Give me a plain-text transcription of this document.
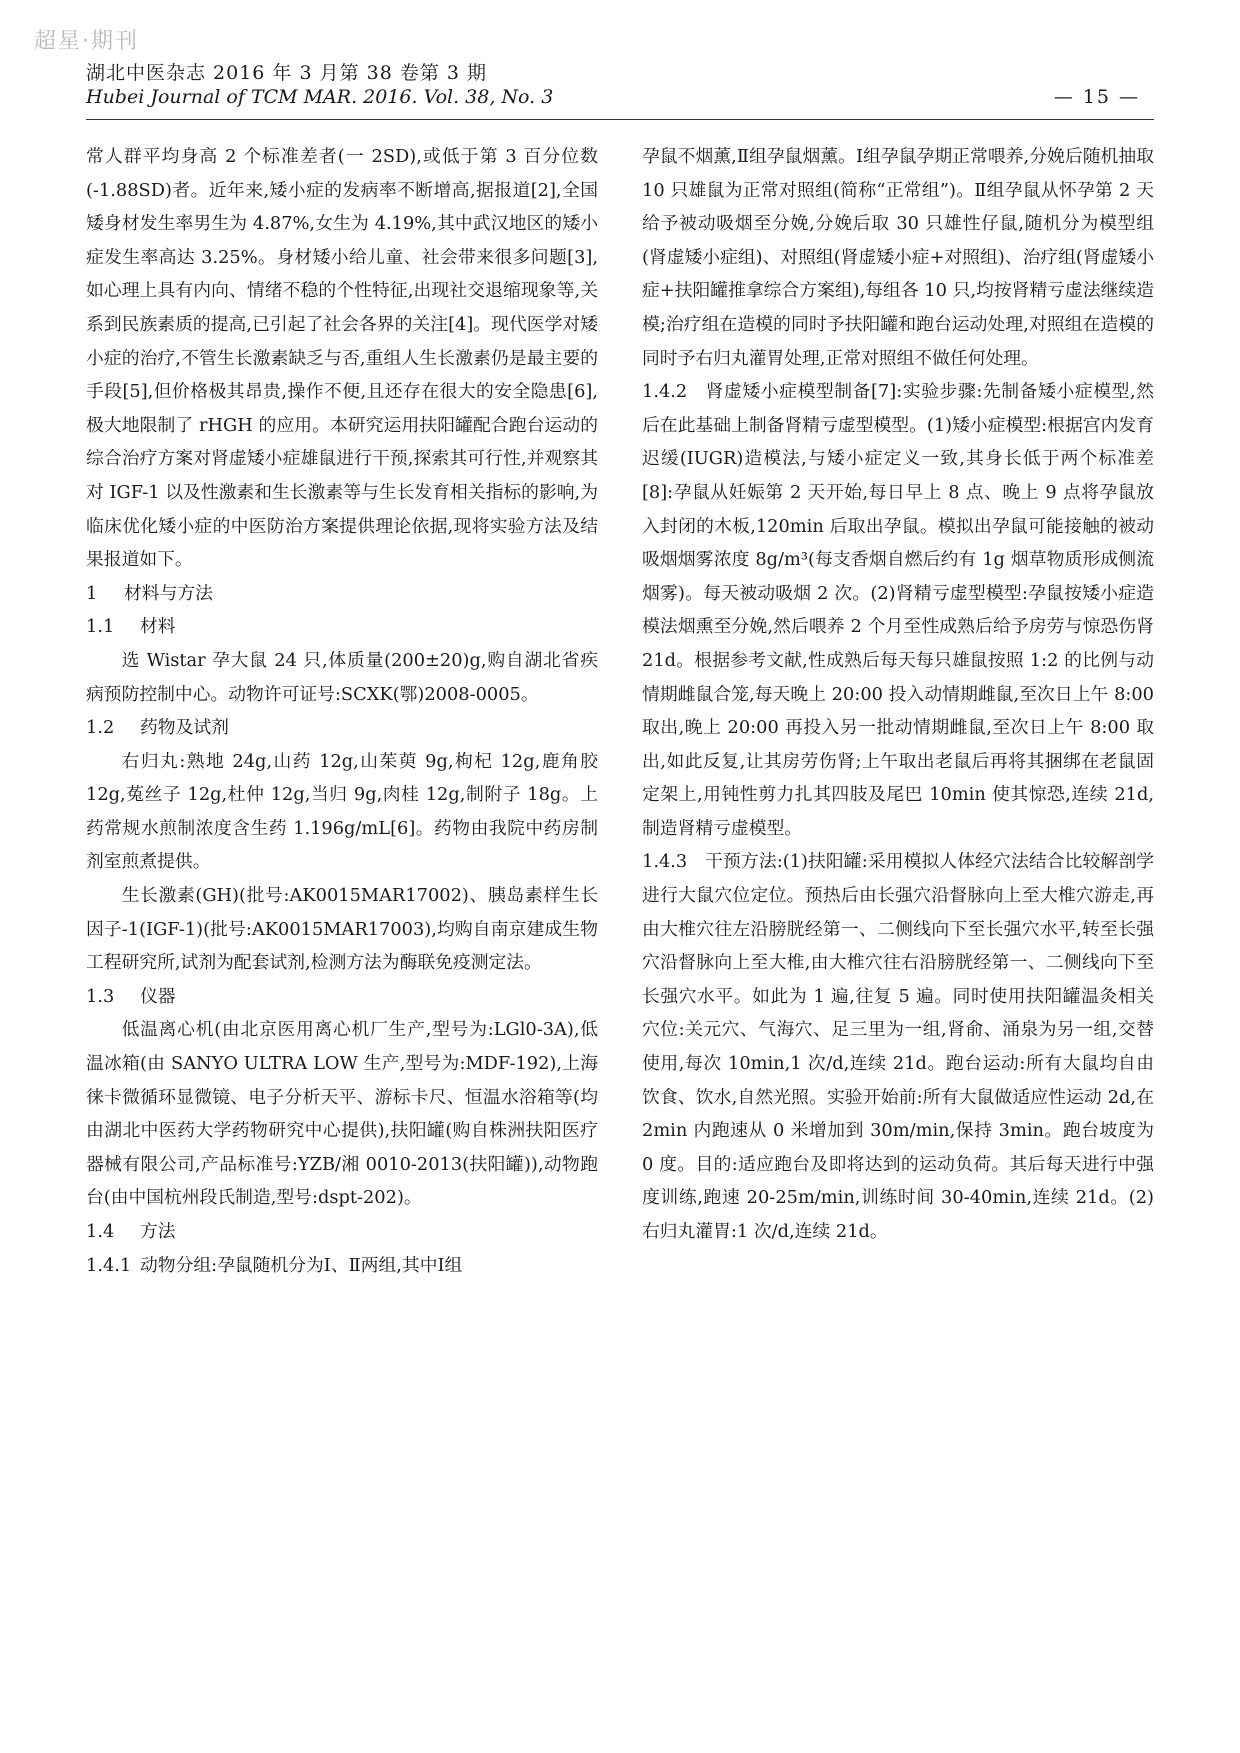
超星·期刊
湖北中医杂志 2016 年 3 月第 38 卷第 3 期
Hubei Journal of TCM MAR. 2016. Vol. 38, No. 3	— 15 —

常人群平均身高 2 个标准差者(一 2SD),或低于第 3 百分位数(-1.88SD)者。近年来,矮小症的发病率不断增高,据报道[2],全国矮身材发生率男生为 4.87%,女生为 4.19%,其中武汉地区的矮小症发生率高达 3.25%。身材矮小给儿童、社会带来很多问题[3],如心理上具有内向、情绪不稳的个性特征,出现社交退缩现象等,关系到民族素质的提高,已引起了社会各界的关注[4]。现代医学对矮小症的治疗,不管生长激素缺乏与否,重组人生长激素仍是最主要的手段[5],但价格极其昂贵,操作不便,且还存在很大的安全隐患[6],极大地限制了 rHGH 的应用。本研究运用扶阳罐配合跑台运动的综合治疗方案对肾虚矮小症雄鼠进行干预,探索其可行性,并观察其对 IGF-1 以及性激素和生长激素等与生长发育相关指标的影响,为临床优化矮小症的中医防治方案提供理论依据,现将实验方法及结果报道如下。

1 材料与方法

1.1 材料

选 Wistar 孕大鼠 24 只,体质量(200±20)g,购自湖北省疾病预防控制中心。动物许可证号:SCXK(鄂)2008-0005。

1.2 药物及试剂

右归丸:熟地 24g,山药 12g,山茱萸 9g,枸杞 12g,鹿角胶 12g,菟丝子 12g,杜仲 12g,当归 9g,肉桂 12g,制附子 18g。上药常规水煎制浓度含生药 1.196g/mL[6]。药物由我院中药房制剂室煎煮提供。

生长激素(GH)(批号:AK0015MAR17002)、胰岛素样生长因子-1(IGF-1)(批号:AK0015MAR17003),均购自南京建成生物工程研究所,试剂为配套试剂,检测方法为酶联免疫测定法。

1.3 仪器

低温离心机(由北京医用离心机厂生产,型号为:LGl0-3A),低温冰箱(由 SANYO ULTRA LOW 生产,型号为:MDF-192),上海徕卡微循环显微镜、电子分析天平、游标卡尺、恒温水浴箱等(均由湖北中医药大学药物研究中心提供),扶阳罐(购自株洲扶阳医疗器械有限公司,产品标准号:YZB/湘 0010-2013(扶阳罐)),动物跑台(由中国杭州段氏制造,型号:dspt-202)。

1.4 方法

1.4.1 动物分组:孕鼠随机分为Ⅰ、Ⅱ两组,其中Ⅰ组

孕鼠不烟薰,Ⅱ组孕鼠烟薰。Ⅰ组孕鼠孕期正常喂养,分娩后随机抽取 10 只雄鼠为正常对照组(简称“正常组”)。Ⅱ组孕鼠从怀孕第 2 天给予被动吸烟至分娩,分娩后取 30 只雄性仔鼠,随机分为模型组(肾虚矮小症组)、对照组(肾虚矮小症+对照组)、治疗组(肾虚矮小症+扶阳罐推拿综合方案组),每组各 10 只,均按肾精亏虚法继续造模;治疗组在造模的同时予扶阳罐和跑台运动处理,对照组在造模的同时予右归丸灌胃处理,正常对照组不做任何处理。

1.4.2  肾虚矮小症模型制备[7]:实验步骤:先制备矮小症模型,然后在此基础上制备肾精亏虚型模型。(1)矮小症模型:根据宫内发育迟缓(IUGR)造模法,与矮小症定义一致,其身长低于两个标准差[8]:孕鼠从妊娠第 2 天开始,每日早上 8 点、晚上 9 点将孕鼠放入封闭的木板,120min 后取出孕鼠。模拟出孕鼠可能接触的被动吸烟烟雾浓度 8g/m³(每支香烟自燃后约有 1g 烟草物质形成侧流烟雾)。每天被动吸烟 2 次。(2)肾精亏虚型模型:孕鼠按矮小症造模法烟熏至分娩,然后喂养 2 个月至性成熟后给予房劳与惊恐伤肾 21d。根据参考文献,性成熟后每天每只雄鼠按照 1:2 的比例与动情期雌鼠合笼,每天晚上 20:00 投入动情期雌鼠,至次日上午 8:00 取出,晚上 20:00 再投入另一批动情期雌鼠,至次日上午 8:00 取出,如此反复,让其房劳伤肾;上午取出老鼠后再将其捆绑在老鼠固定架上,用钝性剪力扎其四肢及尾巴 10min 使其惊恐,连续 21d,制造肾精亏虚模型。

1.4.3  干预方法:(1)扶阳罐:采用模拟人体经穴法结合比较解剖学进行大鼠穴位定位。预热后由长强穴沿督脉向上至大椎穴游走,再由大椎穴往左沿膀胱经第一、二侧线向下至长强穴水平,转至长强穴沿督脉向上至大椎,由大椎穴往右沿膀胱经第一、二侧线向下至长强穴水平。如此为 1 遍,往复 5 遍。同时使用扶阳罐温灸相关穴位:关元穴、气海穴、足三里为一组,肾俞、涌泉为另一组,交替使用,每次 10min,1 次/d,连续 21d。跑台运动:所有大鼠均自由饮食、饮水,自然光照。实验开始前:所有大鼠做适应性运动 2d,在 2min 内跑速从 0 米增加到 30m/min,保持 3min。跑台坡度为 0 度。目的:适应跑台及即将达到的运动负荷。其后每天进行中强度训练,跑速 20-25m/min,训练时间 30-40min,连续 21d。(2)右归丸灌胃:1 次/d,连续 21d。
